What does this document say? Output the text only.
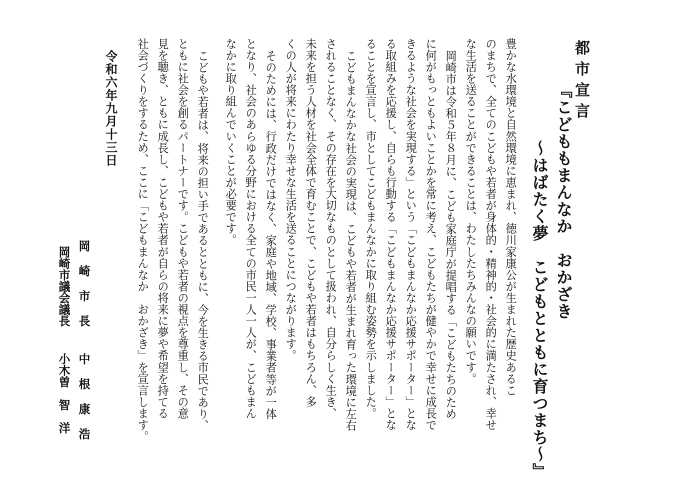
都市宣言
『こどももまんなか　おかざき
～はばたく夢　こどもとともに育つまち～』
豊かな水環境と自然環境に恵まれ、徳川家康公が生まれた歴史あるこ
のまちで、全てのこどもや若者が身体的・精神的・社会的に満たされ、幸せ
な生活を送ることができることは、わたしたちみんなの願いです。
岡崎市は令和５年８月に、こども家庭庁が提唱する「こどもたちのため
に何がもっともよいことかを常に考え、こどもたちが健やかで幸せに成長で
きるような社会を実現する」という「こどもまんなか応援サポーター」とな
る取組みを応援し、自らも行動する「こどもまんなか応援サポーター」とな
ることを宣言し、市としてこどもまんなかに取り組む姿勢を示しました。
こどもまんなかな社会の実現は、こどもや若者が生まれ育った環境に左右
されることなく、その存在を大切なものとして扱われ、自分らしく生き、
未来を担う人材を社会全体で育むことで、こどもや若者はもちろん、多
くの人が将来にわたり幸せな生活を送ることにつながります。
そのためには、行政だけではなく、家庭や地域、学校、事業者等が一体
となり、社会のあらゆる分野における全ての市民一人一人が、こどもまん
なかに取り組んでいくことが必要です。
こどもや若者は、将来の担い手であるとともに、今を生きる市民であり、
ともに社会を創るパートナーです。こどもや若者の視点を尊重し、その意
見を聴き、ともに成長し、こどもや若者が自らの将来に夢や希望を持てる
社会づくりをするため、ここに「こどもまんなか　おかざき」を宣言します。
令和六年九月十三日
岡　崎　市　長
中　根　康　浩
岡崎市議会議長
小木曽　智　洋
